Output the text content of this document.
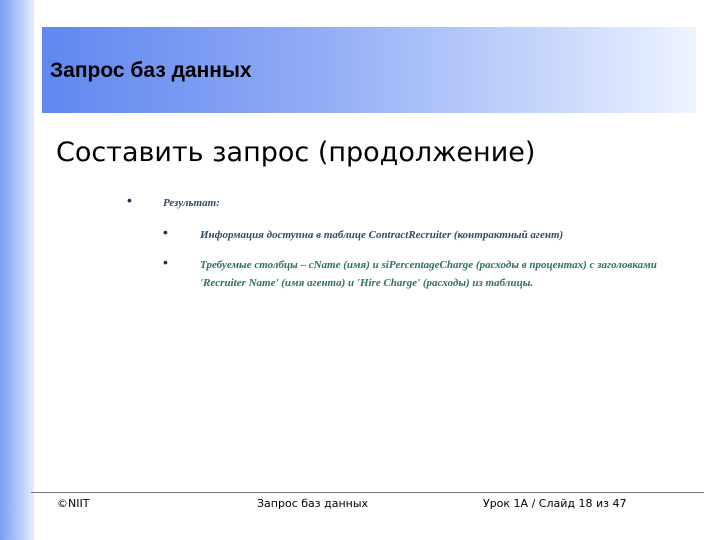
Запрос баз данных
Составить запрос (продолжение)
•	Результат:
•	Информация доступна в таблице ContractRecruiter (контрактный агент)
•	Требуемые столбцы – cName (имя) и siPercentageCharge (расходы в процентах) с заголовками 'Recruiter Name' (имя агента) и 'Hire Charge' (расходы) из таблицы.

©NIIT	Запрос баз данных	Урок 1А / Слайд 18 из 47
